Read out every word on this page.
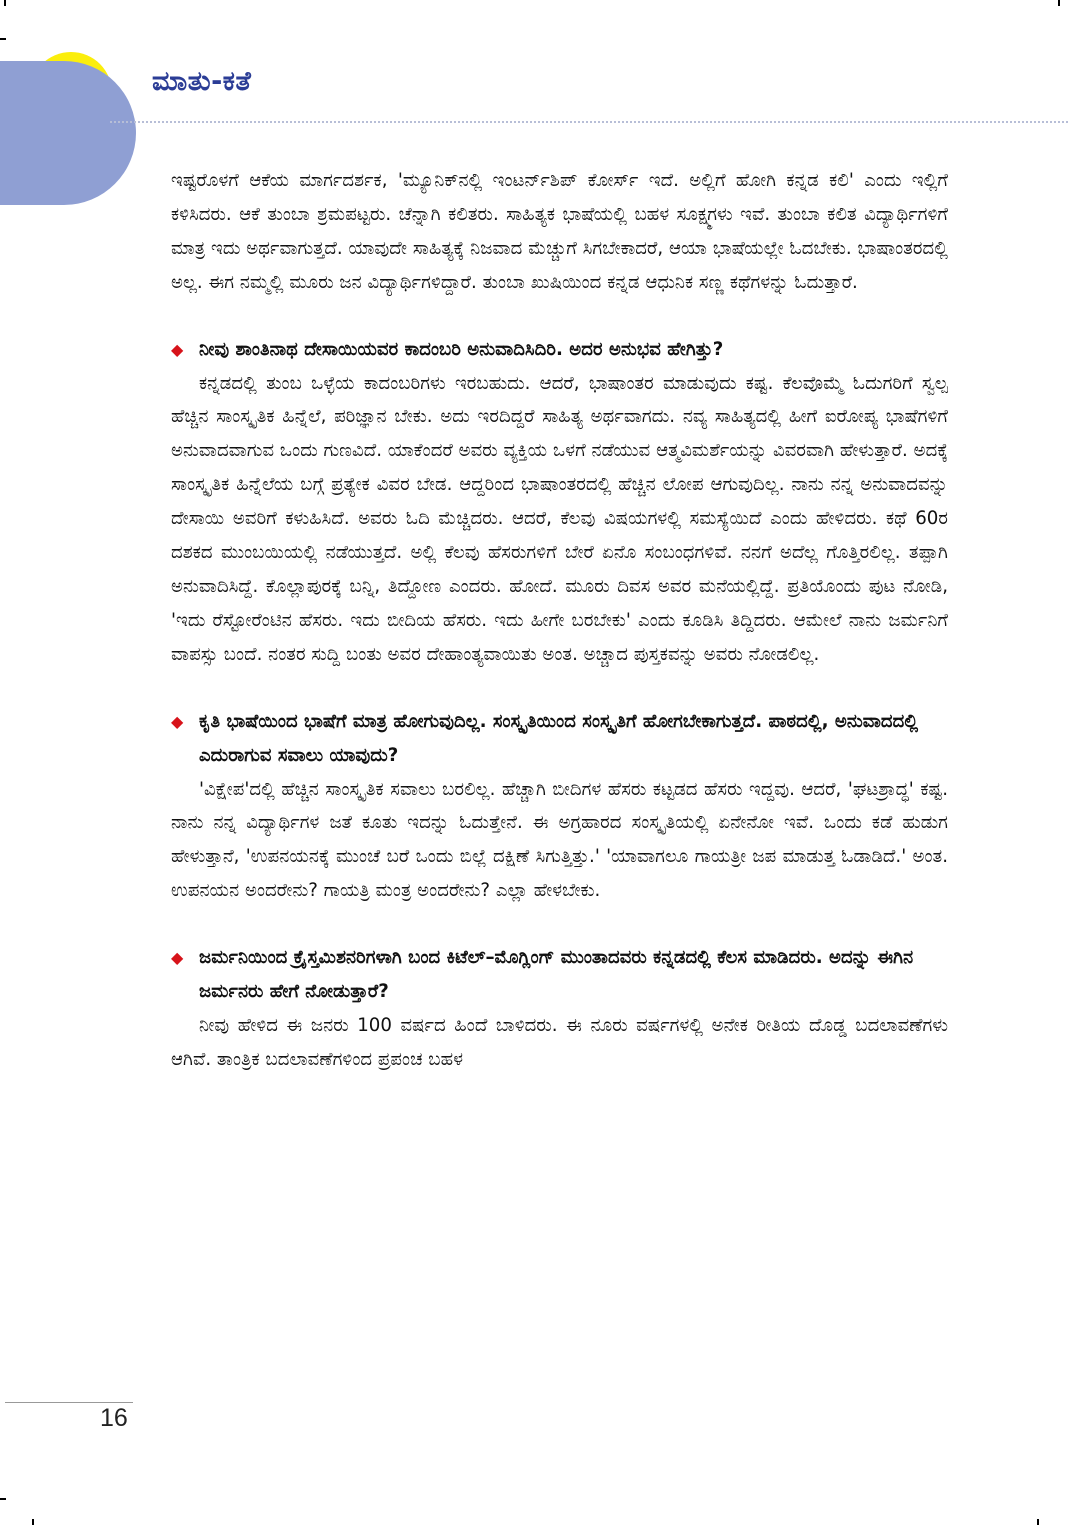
ಮಾತು-ಕತೆ

ಇಷ್ಟರೊಳಗೆ ಆಕೆಯ ಮಾರ್ಗದರ್ಶಕ, 'ಮ್ಯೂನಿಕ್‌ನಲ್ಲಿ ಇಂಟರ್ನ್‌ಶಿಪ್ ಕೋರ್ಸ್ ಇದೆ. ಅಲ್ಲಿಗೆ ಹೋಗಿ ಕನ್ನಡ ಕಲಿ' ಎಂದು ಇಲ್ಲಿಗೆ ಕಳಿಸಿದರು. ಆಕೆ ತುಂಬಾ ಶ್ರಮಪಟ್ಟರು. ಚೆನ್ನಾಗಿ ಕಲಿತರು. ಸಾಹಿತ್ಯಕ ಭಾಷೆಯಲ್ಲಿ ಬಹಳ ಸೂಕ್ಷ್ಮಗಳು ಇವೆ. ತುಂಬಾ ಕಲಿತ ವಿದ್ಯಾರ್ಥಿಗಳಿಗೆ ಮಾತ್ರ ಇದು ಅರ್ಥವಾಗುತ್ತದೆ. ಯಾವುದೇ ಸಾಹಿತ್ಯಕ್ಕೆ ನಿಜವಾದ ಮೆಚ್ಚುಗೆ ಸಿಗಬೇಕಾದರೆ, ಆಯಾ ಭಾಷೆಯಲ್ಲೇ ಓದಬೇಕು. ಭಾಷಾಂತರದಲ್ಲಿ ಅಲ್ಲ. ಈಗ ನಮ್ಮಲ್ಲಿ ಮೂರು ಜನ ವಿದ್ಯಾರ್ಥಿಗಳಿದ್ದಾರೆ. ತುಂಬಾ ಖುಷಿಯಿಂದ ಕನ್ನಡ ಆಧುನಿಕ ಸಣ್ಣ ಕಥೆಗಳನ್ನು ಓದುತ್ತಾರೆ.

◆ ನೀವು ಶಾಂತಿನಾಥ ದೇಸಾಯಿಯವರ ಕಾದಂಬರಿ ಅನುವಾದಿಸಿದಿರಿ. ಅದರ ಅನುಭವ ಹೇಗಿತ್ತು?

ಕನ್ನಡದಲ್ಲಿ ತುಂಬ ಒಳ್ಳೆಯ ಕಾದಂಬರಿಗಳು ಇರಬಹುದು. ಆದರೆ, ಭಾಷಾಂತರ ಮಾಡುವುದು ಕಷ್ಟ. ಕೆಲವೊಮ್ಮೆ ಓದುಗರಿಗೆ ಸ್ವಲ್ಪ ಹೆಚ್ಚಿನ ಸಾಂಸ್ಕೃತಿಕ ಹಿನ್ನೆಲೆ, ಪರಿಜ್ಞಾನ ಬೇಕು. ಅದು ಇರದಿದ್ದರೆ ಸಾಹಿತ್ಯ ಅರ್ಥವಾಗದು. ನವ್ಯ ಸಾಹಿತ್ಯದಲ್ಲಿ ಹೀಗೆ ಐರೋಪ್ಯ ಭಾಷೆಗಳಿಗೆ ಅನುವಾದವಾಗುವ ಒಂದು ಗುಣವಿದೆ. ಯಾಕೆಂದರೆ ಅವರು ವ್ಯಕ್ತಿಯ ಒಳಗೆ ನಡೆಯುವ ಆತ್ಮವಿಮರ್ಶೆಯನ್ನು ವಿವರವಾಗಿ ಹೇಳುತ್ತಾರೆ. ಅದಕ್ಕೆ ಸಾಂಸ್ಕೃತಿಕ ಹಿನ್ನೆಲೆಯ ಬಗ್ಗೆ ಪ್ರತ್ಯೇಕ ವಿವರ ಬೇಡ. ಆದ್ದರಿಂದ ಭಾಷಾಂತರದಲ್ಲಿ ಹೆಚ್ಚಿನ ಲೋಪ ಆಗುವುದಿಲ್ಲ. ನಾನು ನನ್ನ ಅನುವಾದವನ್ನು ದೇಸಾಯಿ ಅವರಿಗೆ ಕಳುಹಿಸಿದೆ. ಅವರು ಓದಿ ಮೆಚ್ಚಿದರು. ಆದರೆ, ಕೆಲವು ವಿಷಯಗಳಲ್ಲಿ ಸಮಸ್ಯೆಯಿದೆ ಎಂದು ಹೇಳಿದರು. ಕಥೆ 60ರ ದಶಕದ ಮುಂಬಯಿಯಲ್ಲಿ ನಡೆಯುತ್ತದೆ. ಅಲ್ಲಿ ಕೆಲವು ಹೆಸರುಗಳಿಗೆ ಬೇರೆ ಏನೊ ಸಂಬಂಧಗಳಿವೆ. ನನಗೆ ಅದೆಲ್ಲ ಗೊತ್ತಿರಲಿಲ್ಲ. ತಪ್ಪಾಗಿ ಅನುವಾದಿಸಿದ್ದೆ. ಕೊಲ್ಲಾಪುರಕ್ಕೆ ಬನ್ನಿ, ತಿದ್ದೋಣ ಎಂದರು. ಹೋದೆ. ಮೂರು ದಿವಸ ಅವರ ಮನೆಯಲ್ಲಿದ್ದೆ. ಪ್ರತಿಯೊಂದು ಪುಟ ನೋಡಿ, 'ಇದು ರೆಸ್ಟೋರೆಂಟಿನ ಹೆಸರು. ಇದು ಬೀದಿಯ ಹೆಸರು. ಇದು ಹೀಗೇ ಬರಬೇಕು' ಎಂದು ಕೂಡಿಸಿ ತಿದ್ದಿದರು. ಆಮೇಲೆ ನಾನು ಜರ್ಮನಿಗೆ ವಾಪಸ್ಸು ಬಂದೆ. ನಂತರ ಸುದ್ದಿ ಬಂತು ಅವರ ದೇಹಾಂತ್ಯವಾಯಿತು ಅಂತ. ಅಚ್ಚಾದ ಪುಸ್ತಕವನ್ನು ಅವರು ನೋಡಲಿಲ್ಲ.

◆ ಕೃತಿ ಭಾಷೆಯಿಂದ ಭಾಷೆಗೆ ಮಾತ್ರ ಹೋಗುವುದಿಲ್ಲ. ಸಂಸ್ಕೃತಿಯಿಂದ ಸಂಸ್ಕೃತಿಗೆ ಹೋಗಬೇಕಾಗುತ್ತದೆ. ಪಾಠದಲ್ಲಿ, ಅನುವಾದದಲ್ಲಿ ಎದುರಾಗುವ ಸವಾಲು ಯಾವುದು?

'ವಿಕ್ಷೇಪ'ದಲ್ಲಿ ಹೆಚ್ಚಿನ ಸಾಂಸ್ಕೃತಿಕ ಸವಾಲು ಬರಲಿಲ್ಲ. ಹೆಚ್ಚಾಗಿ ಬೀದಿಗಳ ಹೆಸರು ಕಟ್ಟಡದ ಹೆಸರು ಇದ್ದವು. ಆದರೆ, 'ಘಟಶ್ರಾದ್ಧ' ಕಷ್ಟ. ನಾನು ನನ್ನ ವಿದ್ಯಾರ್ಥಿಗಳ ಜತೆ ಕೂತು ಇದನ್ನು ಓದುತ್ತೇನೆ. ಈ ಅಗ್ರಹಾರದ ಸಂಸ್ಕೃತಿಯಲ್ಲಿ ಏನೇನೋ ಇವೆ. ಒಂದು ಕಡೆ ಹುಡುಗ ಹೇಳುತ್ತಾನೆ, 'ಉಪನಯನಕ್ಕೆ ಮುಂಚೆ ಬರೆ ಒಂದು ಬಿಲ್ಲೆ ದಕ್ಷಿಣೆ ಸಿಗುತ್ತಿತ್ತು.' 'ಯಾವಾಗಲೂ ಗಾಯತ್ರೀ ಜಪ ಮಾಡುತ್ತ ಓಡಾಡಿದೆ.' ಅಂತ. ಉಪನಯನ ಅಂದರೇನು? ಗಾಯತ್ರಿ ಮಂತ್ರ ಅಂದರೇನು? ಎಲ್ಲಾ ಹೇಳಬೇಕು.

◆ ಜರ್ಮನಿಯಿಂದ ಕ್ರೈಸ್ತಮಿಶನರಿಗಳಾಗಿ ಬಂದ ಕಿಟೆಲ್–ಮೊಗ್ಲಿಂಗ್ ಮುಂತಾದವರು ಕನ್ನಡದಲ್ಲಿ ಕೆಲಸ ಮಾಡಿದರು. ಅದನ್ನು ಈಗಿನ ಜರ್ಮನರು ಹೇಗೆ ನೋಡುತ್ತಾರೆ?

ನೀವು ಹೇಳಿದ ಈ ಜನರು 100 ವರ್ಷದ ಹಿಂದೆ ಬಾಳಿದರು. ಈ ನೂರು ವರ್ಷಗಳಲ್ಲಿ ಅನೇಕ ರೀತಿಯ ದೊಡ್ಡ ಬದಲಾವಣೆಗಳು ಆಗಿವೆ. ತಾಂತ್ರಿಕ ಬದಲಾವಣೆಗಳಿಂದ ಪ್ರಪಂಚ ಬಹಳ

16
